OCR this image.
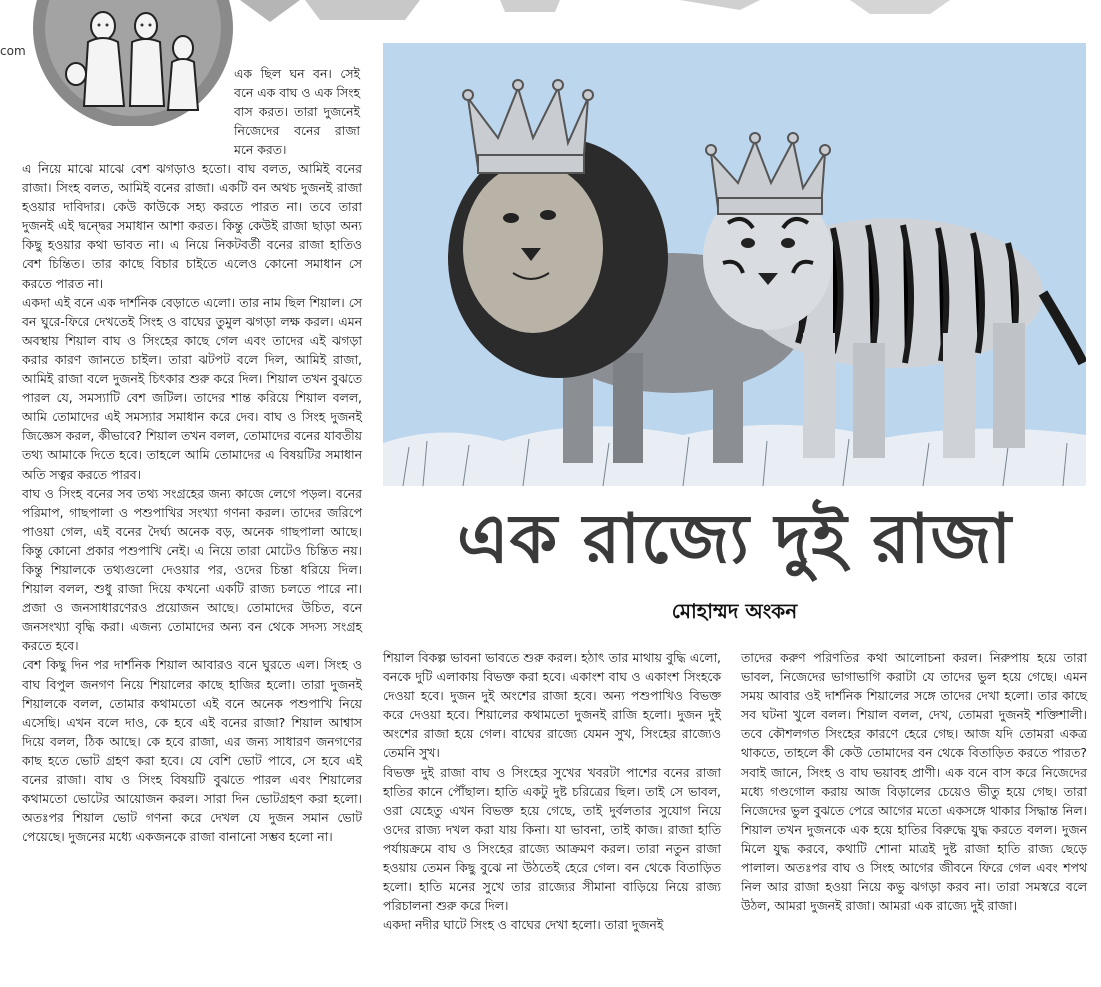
com

এক ছিল ঘন বন। সেই বনে এক বাঘ ও এক সিংহ বাস করত। তারা দুজনেই নিজেদের বনের রাজা মনে করত।

এ নিয়ে মাঝে মাঝে বেশ ঝগড়াও হতো। বাঘ বলত, আমিই বনের রাজা। সিংহ বলত, আমিই বনের রাজা। একটি বন অথচ দুজনই রাজা হওয়ার দাবিদার। কেউ কাউকে সহ্য করতে পারত না। তবে তারা দুজনই এই দ্বন্দ্বের সমাধান আশা করত। কিন্তু কেউই রাজা ছাড়া অন্য কিছু হওয়ার কথা ভাবত না। এ নিয়ে নিকটবর্তী বনের রাজা হাতিও বেশ চিন্তিত। তার কাছে বিচার চাইতে এলেও কোনো সমাধান সে করতে পারত না।

একদা এই বনে এক দার্শনিক বেড়াতে এলো। তার নাম ছিল শিয়াল। সে বন ঘুরে-ফিরে দেখতেই সিংহ ও বাঘের তুমুল ঝগড়া লক্ষ করল। এমন অবস্থায় শিয়াল বাঘ ও সিংহের কাছে গেল এবং তাদের এই ঝগড়া করার কারণ জানতে চাইল। তারা ঝটপট বলে দিল, আমিই রাজা, আমিই রাজা বলে দুজনই চিৎকার শুরু করে দিল। শিয়াল তখন বুঝতে পারল যে, সমস্যাটি বেশ জটিল। তাদের শান্ত করিয়ে শিয়াল বলল, আমি তোমাদের এই সমস্যার সমাধান করে দেব। বাঘ ও সিংহ দুজনই জিজ্ঞেস করল, কীভাবে? শিয়াল তখন বলল, তোমাদের বনের যাবতীয় তথ্য আমাকে দিতে হবে। তাহলে আমি তোমাদের এ বিষয়টির সমাধান অতি সত্বর করতে পারব।

বাঘ ও সিংহ বনের সব তথ্য সংগ্রহের জন্য কাজে লেগে পড়ল। বনের পরিমাপ, গাছপালা ও পশুপাখির সংখ্যা গণনা করল। তাদের জরিপে পাওয়া গেল, এই বনের দৈর্ঘ্য অনেক বড়, অনেক গাছপালা আছে। কিন্তু কোনো প্রকার পশুপাখি নেই। এ নিয়ে তারা মোটেও চিন্তিত নয়। কিন্তু শিয়ালকে তথ্যগুলো দেওয়ার পর, ওদের চিন্তা ধরিয়ে দিল। শিয়াল বলল, শুধু রাজা দিয়ে কখনো একটি রাজ্য চলতে পারে না। প্রজা ও জনসাধারণেরও প্রয়োজন আছে। তোমাদের উচিত, বনে জনসংখ্যা বৃদ্ধি করা। এজন্য তোমাদের অন্য বন থেকে সদস্য সংগ্রহ করতে হবে।

বেশ কিছু দিন পর দার্শনিক শিয়াল আবারও বনে ঘুরতে এল। সিংহ ও বাঘ বিপুল জনগণ নিয়ে শিয়ালের কাছে হাজির হলো। তারা দুজনই শিয়ালকে বলল, তোমার কথামতো এই বনে অনেক পশুপাখি নিয়ে এসেছি। এখন বলে দাও, কে হবে এই বনের রাজা? শিয়াল আশ্বাস দিয়ে বলল, ঠিক আছে। কে হবে রাজা, এর জন্য সাধারণ জনগণের কাছ হতে ভোট গ্রহণ করা হবে। যে বেশি ভোট পাবে, সে হবে এই বনের রাজা। বাঘ ও সিংহ বিষয়টি বুঝতে পারল এবং শিয়ালের কথামতো ভোটের আয়োজন করল। সারা দিন ভোটগ্রহণ করা হলো। অতঃপর শিয়াল ভোট গণনা করে দেখল যে দুজন সমান ভোট পেয়েছে। দুজনের মধ্যে একজনকে রাজা বানানো সম্ভব হলো না।

এক রাজ্যে দুই রাজা
মোহাম্মদ অংকন

শিয়াল বিকল্প ভাবনা ভাবতে শুরু করল। হঠাৎ তার মাথায় বুদ্ধি এলো, বনকে দুটি এলাকায় বিভক্ত করা হবে। একাংশ বাঘ ও একাংশ সিংহকে দেওয়া হবে। দুজন দুই অংশের রাজা হবে। অন্য পশুপাখিও বিভক্ত করে দেওয়া হবে। শিয়ালের কথামতো দুজনই রাজি হলো। দুজন দুই অংশের রাজা হয়ে গেল। বাঘের রাজ্যে যেমন সুখ, সিংহের রাজ্যেও তেমনি সুখ।

বিভক্ত দুই রাজা বাঘ ও সিংহের সুখের খবরটা পাশের বনের রাজা হাতির কানে পৌঁছাল। হাতি একটু দুষ্ট চরিত্রের ছিল। তাই সে ভাবল, ওরা যেহেতু এখন বিভক্ত হয়ে গেছে, তাই দুর্বলতার সুযোগ নিয়ে ওদের রাজ্য দখল করা যায় কিনা। যা ভাবনা, তাই কাজ। রাজা হাতি পর্যায়ক্রমে বাঘ ও সিংহের রাজ্যে আক্রমণ করল। তারা নতুন রাজা হওয়ায় তেমন কিছু বুঝে না উঠতেই হেরে গেল। বন থেকে বিতাড়িত হলো। হাতি মনের সুখে তার রাজ্যের সীমানা বাড়িয়ে নিয়ে রাজ্য পরিচালনা শুরু করে দিল।

একদা নদীর ঘাটে সিংহ ও বাঘের দেখা হলো। তারা দুজনই

তাদের করুণ পরিণতির কথা আলোচনা করল। নিরুপায় হয়ে তারা ভাবল, নিজেদের ভাগাভাগি করাটা যে তাদের ভুল হয়ে গেছে। এমন সময় আবার ওই দার্শনিক শিয়ালের সঙ্গে তাদের দেখা হলো। তার কাছে সব ঘটনা খুলে বলল। শিয়াল বলল, দেখ, তোমরা দুজনই শক্তিশালী। তবে কৌশলগত সিংহের কারণে হেরে গেছ। আজ যদি তোমরা একত্র থাকতে, তাহলে কী কেউ তোমাদের বন থেকে বিতাড়িত করতে পারত? সবাই জানে, সিংহ ও বাঘ ভয়াবহ প্রাণী। এক বনে বাস করে নিজেদের মধ্যে গণ্ডগোল করায় আজ বিড়ালের চেয়েও ভীতু হয়ে গেছ। তারা নিজেদের ভুল বুঝতে পেরে আগের মতো একসঙ্গে থাকার সিদ্ধান্ত নিল। শিয়াল তখন দুজনকে এক হয়ে হাতির বিরুদ্ধে যুদ্ধ করতে বলল। দুজন মিলে যুদ্ধ করবে, কথাটি শোনা মাত্রই দুষ্ট রাজা হাতি রাজ্য ছেড়ে পালাল। অতঃপর বাঘ ও সিংহ আগের জীবনে ফিরে গেল এবং শপথ নিল আর রাজা হওয়া নিয়ে কভু ঝগড়া করব না। তারা সমস্বরে বলে উঠল, আমরা দুজনই রাজা। আমরা এক রাজ্যে দুই রাজা।
